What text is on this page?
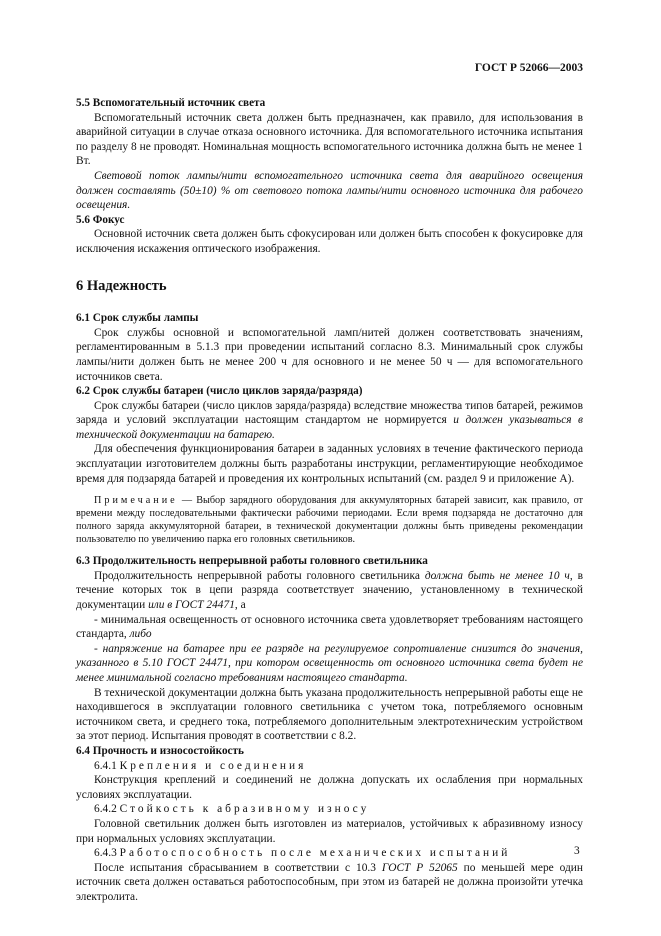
ГОСТ Р 52066—2003
5.5 Вспомогательный источник света

Вспомогательный источник света должен быть предназначен, как правило, для использования в аварийной ситуации в случае отказа основного источника. Для вспомогательного источника испытания по разделу 8 не проводят. Номинальная мощность вспомогательного источника должна быть не менее 1 Вт.

Световой поток лампы/нити вспомогательного источника света для аварийного освещения должен составлять (50±10) % от светового потока лампы/нити основного источника для рабочего освещения.

5.6 Фокус

Основной источник света должен быть сфокусирован или должен быть способен к фокусировке для исключения искажения оптического изображения.

6 Надежность
6.1 Срок службы лампы

Срок службы основной и вспомогательной ламп/нитей должен соответствовать значениям, регламентированным в 5.1.3 при проведении испытаний согласно 8.3. Минимальный срок службы лампы/нити должен быть не менее 200 ч для основного и не менее 50 ч — для вспомогательного источников света.

6.2 Срок службы батареи (число циклов заряда/разряда)

Срок службы батареи (число циклов заряда/разряда) вследствие множества типов батарей, режимов заряда и условий эксплуатации настоящим стандартом не нормируется и должен указываться в технической документации на батарею.

Для обеспечения функционирования батареи в заданных условиях в течение фактического периода эксплуатации изготовителем должны быть разработаны инструкции, регламентирующие необходимое время для подзаряда батарей и проведения их контрольных испытаний (см. раздел 9 и приложение А).

Примечание — Выбор зарядного оборудования для аккумуляторных батарей зависит, как правило, от времени между последовательными фактически рабочими периодами. Если время подзаряда не достаточно для полного заряда аккумуляторной батареи, в технической документации должны быть приведены рекомендации пользователю по увеличению парка его головных светильников.

6.3 Продолжительность непрерывной работы головного светильника

Продолжительность непрерывной работы головного светильника должна быть не менее 10 ч, в течение которых ток в цепи разряда соответствует значению, установленному в технической документации или в ГОСТ 24471, а

- минимальная освещенность от основного источника света удовлетворяет требованиям настоящего стандарта, либо

- напряжение на батарее при ее разряде на регулируемое сопротивление снизится до значения, указанного в 5.10 ГОСТ 24471, при котором освещенность от основного источника света будет не менее минимальной согласно требованиям настоящего стандарта.

В технической документации должна быть указана продолжительность непрерывной работы еще не находившегося в эксплуатации головного светильника с учетом тока, потребляемого основным источником света, и среднего тока, потребляемого дополнительным электротехническим устройством за этот период. Испытания проводят в соответствии с 8.2.

6.4 Прочность и износостойкость

6.4.1 Крепления и соединения

Конструкция креплений и соединений не должна допускать их ослабления при нормальных условиях эксплуатации.

6.4.2 Стойкость к абразивному износу

Головной светильник должен быть изготовлен из материалов, устойчивых к абразивному износу при нормальных условиях эксплуатации.

6.4.3 Работоспособность после механических испытаний

После испытания сбрасыванием в соответствии с 10.3 ГОСТ Р 52065 по меньшей мере один источник света должен оставаться работоспособным, при этом из батарей не должна произойти утечка электролита.

3
